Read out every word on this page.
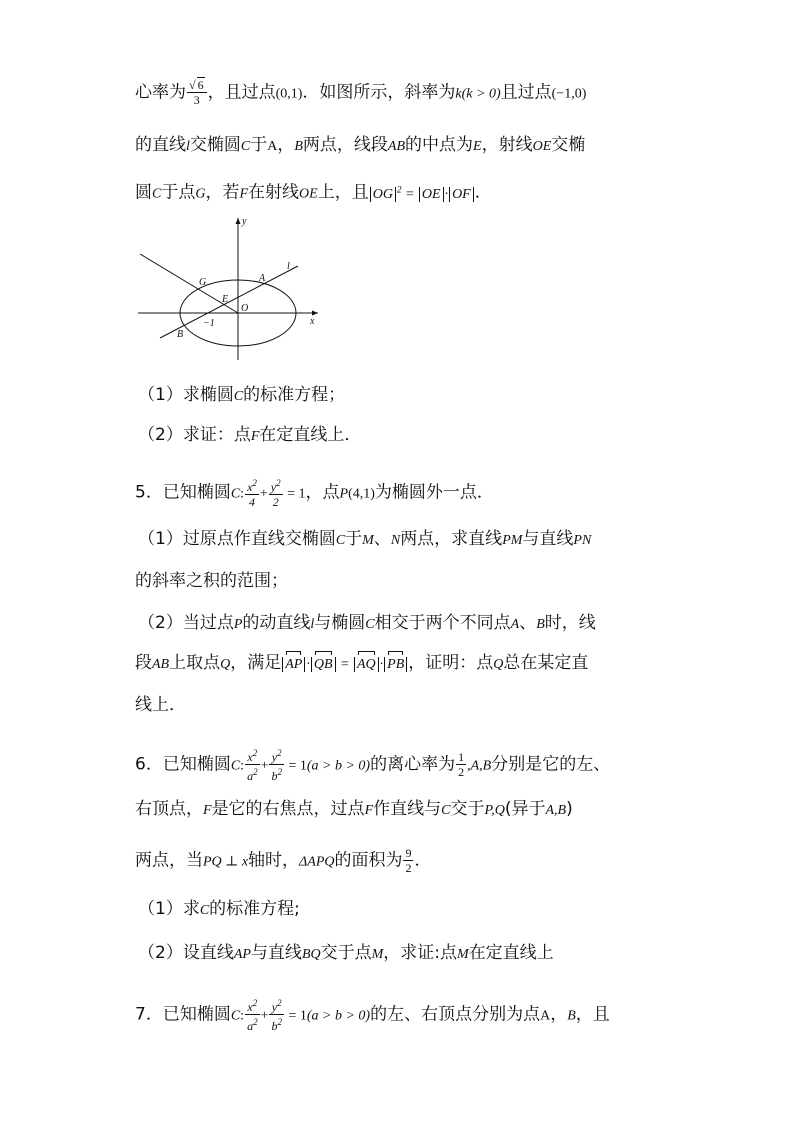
心率为 $\frac{√ 6}{3}$ ，且过点(0,1)．如图所示，斜率为k(k > 0)且过点(−1,0)
的直线l交椭圆C于A，B两点，线段AB的中点为E，射线OE交椭
圆C于点G，若F在射线OE上，且 OG $^2$ = OE · OF ．
y
x
l
A
G
E
O
−1
B
（1）求椭圆C的标准方程；
（2）求证：点F在定直线上．
5．已知椭圆C: $\frac{x^2}{4} + \frac{y^2}{2} = 1$，点P(4,1)为椭圆外一点．
（1）过原点作直线交椭圆C于M、N两点，求直线PM与直线PN
的斜率之积的范围；
（2）当过点P的动直线l与椭圆C相交于两个不同点A、B时，线
段AB上取点Q，满足 AP · QB = AQ · PB ，证明：点Q总在某定直
线上．
6．已知椭圆C: $\frac{x^2}{a^2} + \frac{y^2}{b^2} = 1(a > b > 0)$的离心率为 $\frac{1}{2} ,A,B$分别是它的左、
右顶点，F是它的右焦点，过点F作直线与C交于P,Q(异于A,B)
两点，当PQ ⊥ x轴时，ΔAPQ的面积为 $\frac{9}{2}$ ．
（1）求C的标准方程;
（2）设直线AP与直线BQ交于点M，求证:点M在定直线上
7．已知椭圆C: $\frac{x^2}{a^2} + \frac{y^2}{b^2} = 1(a > b > 0)$的左、右顶点分别为点A，B，且
